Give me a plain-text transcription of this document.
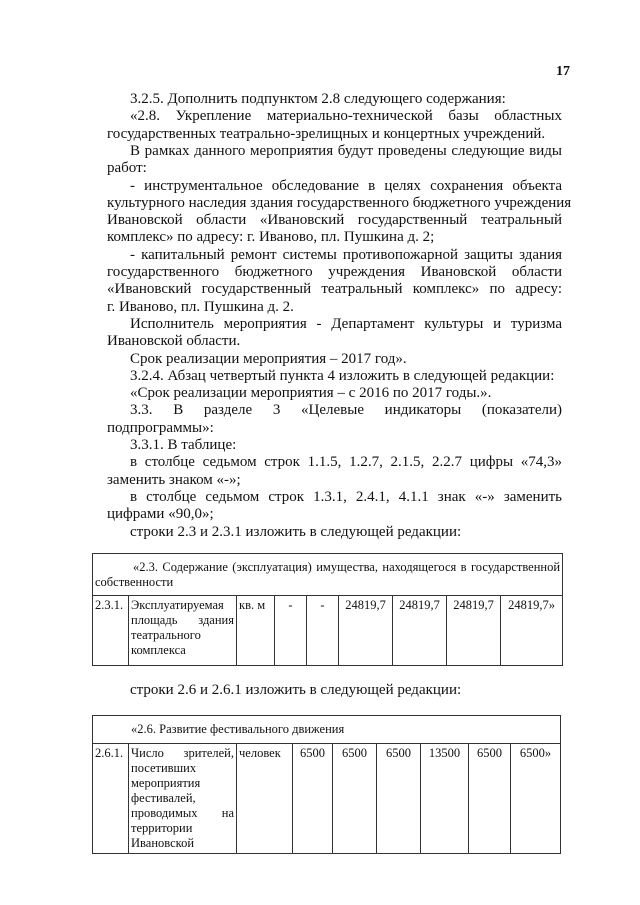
17
3.2.5. Дополнить подпунктом 2.8 следующего содержания:
«2.8. Укрепление материально-технической базы областных
государственных театрально-зрелищных и концертных учреждений.
В рамках данного мероприятия будут проведены следующие виды
работ:
- инструментальное обследование в целях сохранения объекта
культурного наследия здания государственного бюджетного учреждения
Ивановской области «Ивановский государственный театральный
комплекс» по адресу: г. Иваново, пл. Пушкина д. 2;
- капитальный ремонт системы противопожарной защиты здания
государственного бюджетного учреждения Ивановской области
«Ивановский государственный театральный комплекс» по адресу:
г. Иваново, пл. Пушкина д. 2.
Исполнитель мероприятия - Департамент культуры и туризма
Ивановской области.
Срок реализации мероприятия – 2017 год».
3.2.4. Абзац четвертый пункта 4 изложить в следующей редакции:
«Срок реализации мероприятия – с 2016 по 2017 годы.».
3.3. В разделе 3 «Целевые индикаторы (показатели)
подпрограммы»:
3.3.1. В таблице:
в столбце седьмом строк 1.1.5, 1.2.7, 2.1.5, 2.2.7 цифры «74,3»
заменить знаком «-»;
в столбце седьмом строк 1.3.1, 2.4.1, 4.1.1 знак «-» заменить
цифрами «90,0»;
строки 2.3 и 2.3.1 изложить в следующей редакции:
«2.3. Содержание (эксплуатация) имущества, находящегося в государственной собственности
2.3.1.	Эксплуатируемая площадь здания театрального комплекса	кв. м	-	-	24819,7	24819,7	24819,7	24819,7»
строки 2.6 и 2.6.1 изложить в следующей редакции:
«2.6. Развитие фестивального движения
2.6.1.	Число зрителей, посетивших мероприятия фестивалей, проводимых на территории Ивановской	человек	6500	6500	6500	13500	6500	6500»
